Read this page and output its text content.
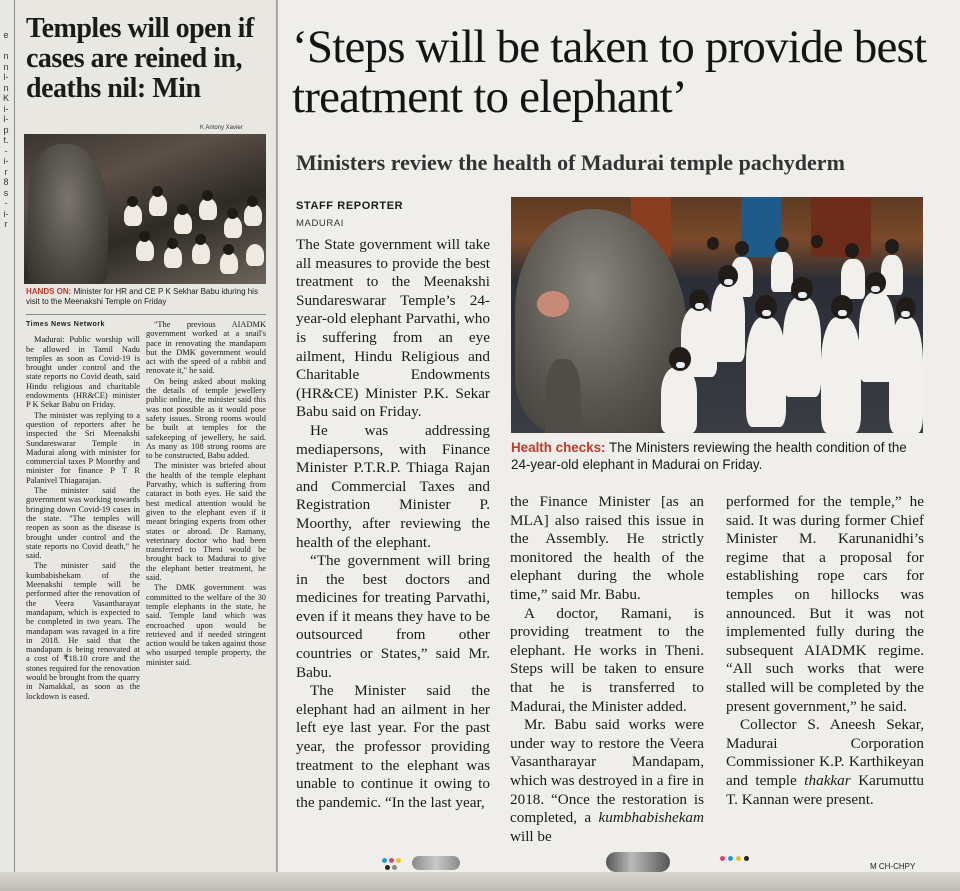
e

n
n
l-
n
K
i-
l-
p
t.
-
i-
r
8
s
-
i-
r
Temples will open if cases are reined in, deaths nil: Min
K Antony Xavier
HANDS ON: Minister for HR and CE P K Sekhar Babu iduring his visit to the Meenakshi Temple on Friday
Times News Network

Madurai: Public worship will be allowed in Tamil Nadu temples as soon as Covid-19 is brought under control and the state reports no Covid death, said Hindu religious and charitable endowments (HR&CE) minister P K Sekar Babu on Friday.

The minister was replying to a question of reporters after he inspected the Sri Meenakshi Sundareswarar Temple in Madurai along with minister for commercial taxes P Moorthy and minister for finance P T R Palanivel Thiagarajan.

The minister said the government was working towards bringing down Covid-19 cases in the state. "The temples will reopen as soon as the disease is brought under control and the state reports no Covid death," he said.

The minister said the kumbabishekam of the Meenakshi temple will be performed after the renovation of the Veera Vasantharayar mandapam, which is expected to be completed in two years. The mandapam was ravaged in a fire in 2018. He said that the mandapam is being renovated at a cost of ₹18.10 crore and the stones required for the renovation would be brought from the quarry in Namakkal, as soon as the lockdown is eased.

"The previous AIADMK government worked at a snail's pace in renovating the mandapam but the DMK government would act with the speed of a rabbit and renovate it," he said.

On being asked about making the details of temple jewellery public online, the minister said this was not possible as it would pose safety issues. Strong rooms would be built at temples for the safekeeping of jewellery, he said. As many as 108 strong rooms are to be constructed, Babu added.

The minister was briefed about the health of the temple elephant Parvathy, which is suffering from cataract in both eyes. He said the best medical attention would be given to the elephant even if it meant bringing experts from other states or abroad. Dr Ramany, veterinary doctor who had been transferred to Theni would be brought back to Madurai to give the elephant better treatment, he said.

The DMK government was committed to the welfare of the 30 temple elephants in the state, he said. Temple land which was encroached upon would be retrieved and if needed stringent action would be taken against those who usurped temple property, the minister said.

‘Steps will be taken to provide best treatment to elephant’
Ministers review the health of Madurai temple pachyderm
STAFF REPORTER
MADURAI

The State government will take all measures to provide the best treatment to the Meenakshi Sundareswarar Temple’s 24-year-old elephant Parvathi, who is suffering from an eye ailment, Hindu Religious and Charitable Endowments (HR&CE) Minister P.K. Sekar Babu said on Friday.

He was addressing mediapersons, with Finance Minister P.T.R.P. Thiaga Rajan and Commercial Taxes and Registration Minister P. Moorthy, after reviewing the health of the elephant.

“The government will bring in the best doctors and medicines for treating Parvathi, even if it means they have to be outsourced from other countries or States,” said Mr. Babu.

The Minister said the elephant had an ailment in her left eye last year. For the past year, the professor providing treatment to the elephant was unable to continue it owing to the pandemic. “In the last year,

Health checks: The Ministers reviewing the health condition of the 24-year-old elephant in Madurai on Friday.

the Finance Minister [as an MLA] also raised this issue in the Assembly. He strictly monitored the health of the elephant during the whole time,” said Mr. Babu.

A doctor, Ramani, is providing treatment to the elephant. He works in Theni. Steps will be taken to ensure that he is transferred to Madurai, the Minister added.

Mr. Babu said works were under way to restore the Veera Vasantharayar Mandapam, which was destroyed in a fire in 2018. “Once the restoration is completed, a kumbhabishekam will be

performed for the temple,” he said. It was during former Chief Minister M. Karunanidhi’s regime that a proposal for establishing rope cars for temples on hillocks was announced. But it was not implemented fully during the subsequent AIADMK regime. “All such works that were stalled will be completed by the present government,” he said.

Collector S. Aneesh Sekar, Madurai Corporation Commissioner K.P. Karthikeyan and temple thakkar Karumuttu T. Kannan were present.

M CH-CHPY
